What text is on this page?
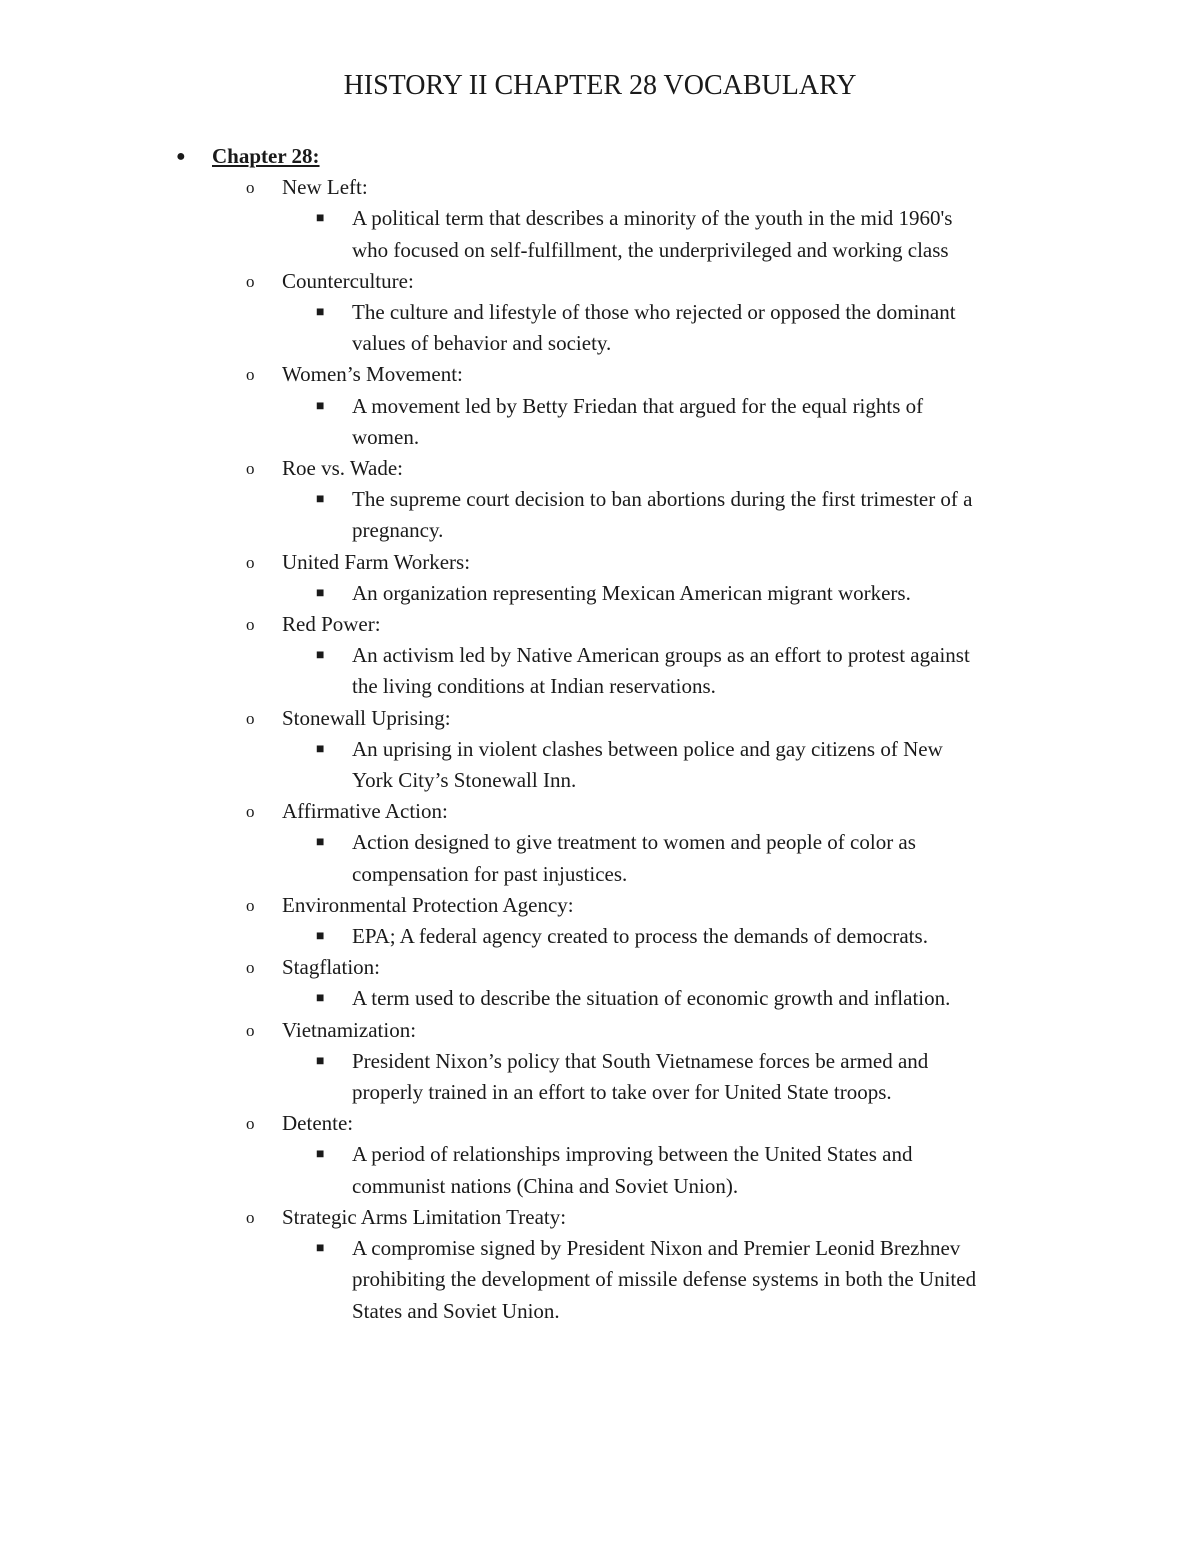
HISTORY II CHAPTER 28 VOCABULARY
● Chapter 28:
o New Left:
■ A political term that describes a minority of the youth in the mid 1960's
who focused on self-fulfillment, the underprivileged and working class
o Counterculture:
■ The culture and lifestyle of those who rejected or opposed the dominant
values of behavior and society.
o Women’s Movement:
■ A movement led by Betty Friedan that argued for the equal rights of
women.
o Roe vs. Wade:
■ The supreme court decision to ban abortions during the first trimester of a
pregnancy.
o United Farm Workers:
■ An organization representing Mexican American migrant workers.
o Red Power:
■ An activism led by Native American groups as an effort to protest against
the living conditions at Indian reservations.
o Stonewall Uprising:
■ An uprising in violent clashes between police and gay citizens of New
York City’s Stonewall Inn.
o Affirmative Action:
■ Action designed to give treatment to women and people of color as
compensation for past injustices.
o Environmental Protection Agency:
■ EPA; A federal agency created to process the demands of democrats.
o Stagflation:
■ A term used to describe the situation of economic growth and inflation.
o Vietnamization:
■ President Nixon’s policy that South Vietnamese forces be armed and
properly trained in an effort to take over for United State troops.
o Detente:
■ A period of relationships improving between the United States and
communist nations (China and Soviet Union).
o Strategic Arms Limitation Treaty:
■ A compromise signed by President Nixon and Premier Leonid Brezhnev
prohibiting the development of missile defense systems in both the United
States and Soviet Union.
